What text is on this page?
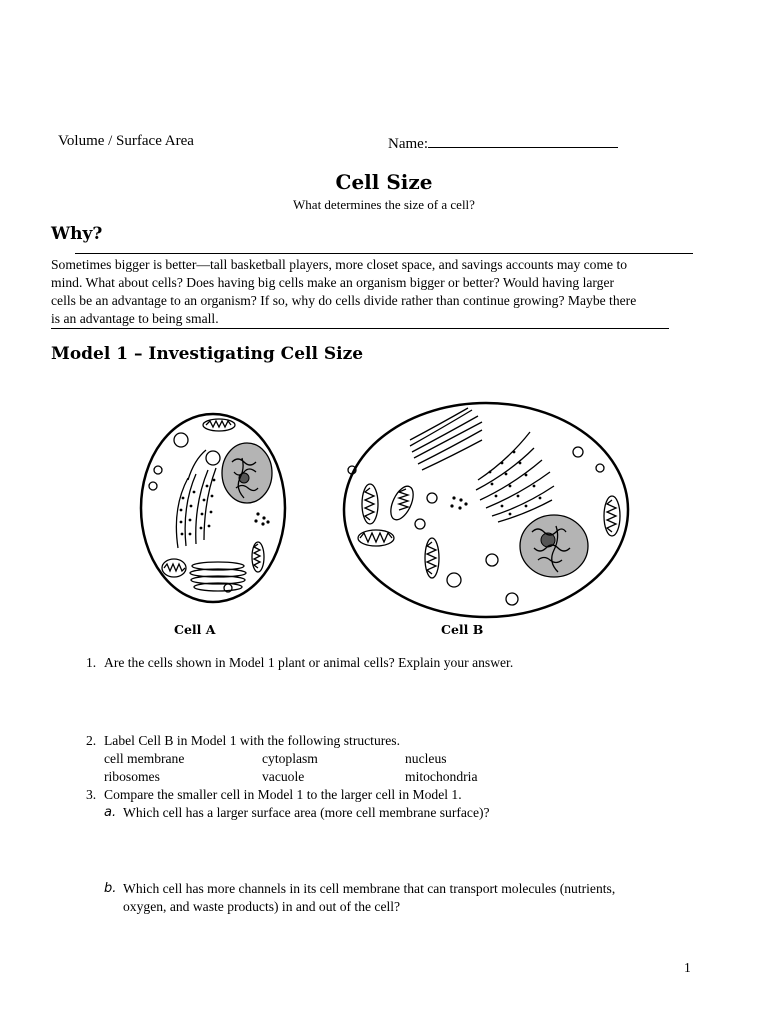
Volume / Surface Area	Name:
Cell Size
What determines the size of a cell?
Why?
Sometimes bigger is better—tall basketball players, more closet space, and savings accounts may come to
mind. What about cells? Does having big cells make an organism bigger or better? Would having larger
cells be an advantage to an organism? If so, why do cells divide rather than continue growing? Maybe there
is an advantage to being small.
Model 1 – Investigating Cell Size
Cell A	Cell B
1. Are the cells shown in Model 1 plant or animal cells? Explain your answer.
2. Label Cell B in Model 1 with the following structures.
cell membrane	cytoplasm	nucleus
ribosomes	vacuole	mitochondria
3. Compare the smaller cell in Model 1 to the larger cell in Model 1.
a. Which cell has a larger surface area (more cell membrane surface)?
b. Which cell has more channels in its cell membrane that can transport molecules (nutrients,
oxygen, and waste products) in and out of the cell?
1
